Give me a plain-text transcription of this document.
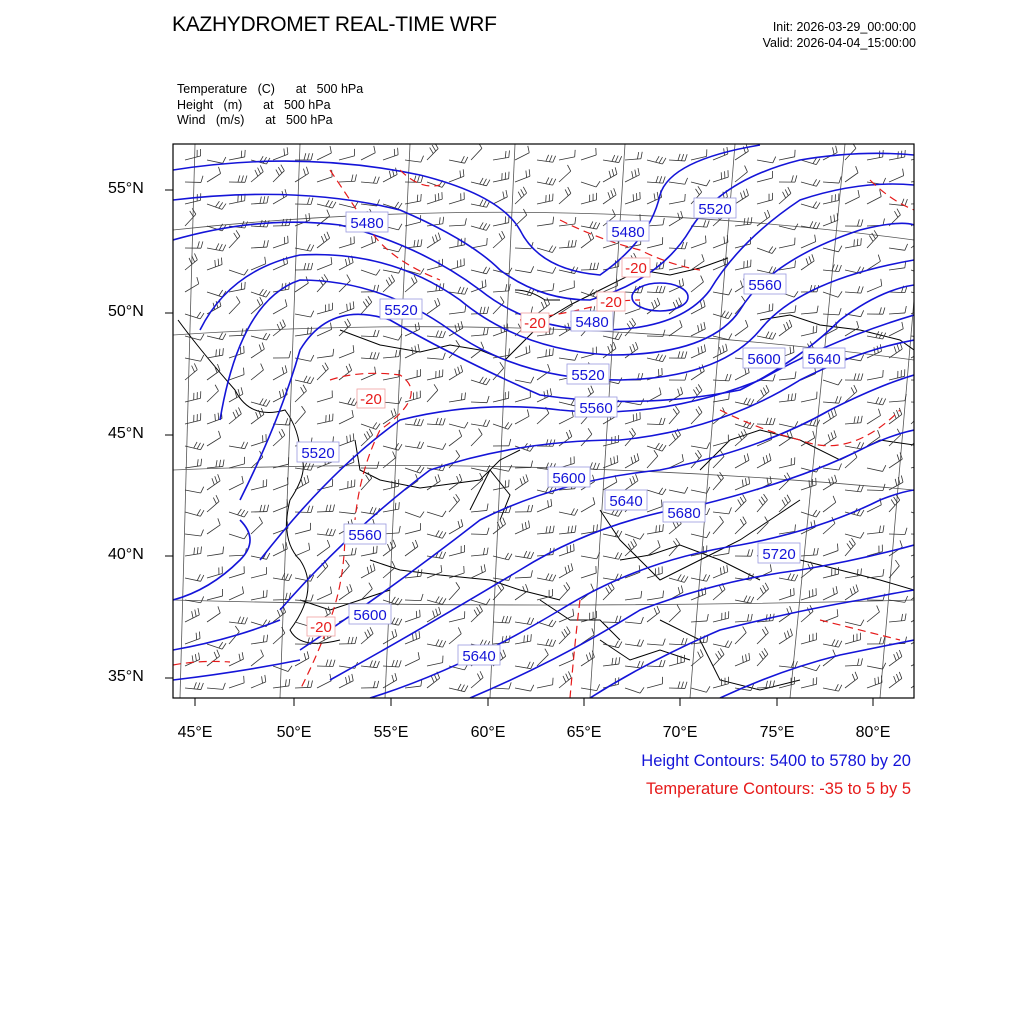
KAZHYDROMET REAL-TIME WRF	Init: 2026-03-29_00:00:00
Valid: 2026-04-04_15:00:00
Temperature   (C)      at   500 hPa
Height   (m)      at   500 hPa
Wind   (m/s)      at   500 hPa
5480
5520
5480
5480
5560
5520
5600 5640
5520
5560
5520
5600
5640
5680
5720
5560
5600
5640
-20
-20
-20
-20
-20
55°N
50°N
45°N
40°N
35°N
45°E	50°E	55°E	60°E	65°E	70°E	75°E	80°E
Height Contours: 5400 to 5780 by 20
Temperature Contours: -35 to 5 by 5
